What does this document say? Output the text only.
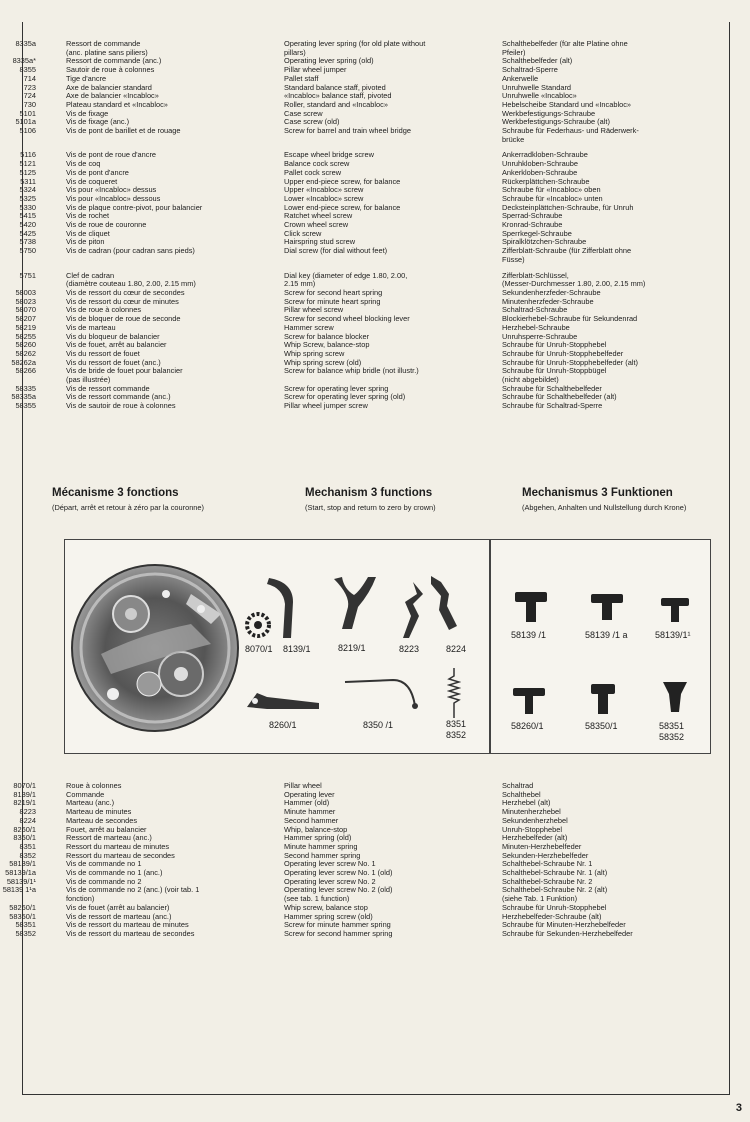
8335a	Ressort de commande	Operating lever spring (for old plate without	Schalthebelfeder (für alte Platine ohne
(anc. platine sans piliers)	pillars)	Pfeiler)
8335a*	Ressort de commande (anc.)	Operating lever spring (old)	Schalthebelfeder (alt)
8355	Sautoir de roue à colonnes	Pillar wheel jumper	Schaltrad-Sperre
714	Tige d'ancre	Pallet staff	Ankerwelle
723	Axe de balancier standard	Standard balance staff, pivoted	Unruhwelle Standard
724	Axe de balancier «Incabloc»	«Incabloc» balance staff, pivoted	Unruhwelle «Incabloc»
730	Plateau standard et «Incabloc»	Roller, standard and «Incabloc»	Hebelscheibe Standard und «Incabloc»
5101	Vis de fixage	Case screw	Werkbefestigungs-Schraube
5101a	Vis de fixage (anc.)	Case screw (old)	Werkbefestigungs-Schraube (alt)
5106	Vis de pont de barillet et de rouage	Screw for barrel and train wheel bridge	Schraube für Federhaus- und Räderwerk-
brücke
5116	Vis de pont de roue d'ancre	Escape wheel bridge screw	Ankerradkloben-Schraube
5121	Vis de coq	Balance cock screw	Unruhkloben-Schraube
5125	Vis de pont d'ancre	Pallet cock screw	Ankerkloben-Schraube
5311	Vis de coqueret	Upper end-piece screw, for balance	Rückerplättchen-Schraube
5324	Vis pour «Incabloc» dessus	Upper «Incabloc» screw	Schraube für «Incabloc» oben
5325	Vis pour «Incabloc» dessous	Lower «Incabloc» screw	Schraube für «Incabloc» unten
5330	Vis de plaque contre-pivot, pour balancier	Lower end-piece screw, for balance	Decksteinplättchen-Schraube, für Unruh
5415	Vis de rochet	Ratchet wheel screw	Sperrad-Schraube
5420	Vis de roue de couronne	Crown wheel screw	Kronrad-Schraube
5425	Vis de cliquet	Click screw	Sperrkegel-Schraube
5738	Vis de piton	Hairspring stud screw	Spiralklötzchen-Schraube
5750	Vis de cadran (pour cadran sans pieds)	Dial screw (for dial without feet)	Zifferblatt-Schraube (für Zifferblatt ohne
Füsse)
5751	Clef de cadran	Dial key (diameter of edge 1.80, 2.00,	Zifferblatt-Schlüssel,
(diamètre couteau 1.80, 2.00, 2.15 mm)	2.15 mm)	(Messer-Durchmesser 1.80, 2.00, 2.15 mm)
58003	Vis de ressort du cœur de secondes	Screw for second heart spring	Sekundenherzfeder-Schraube
58023	Vis de ressort du cœur de minutes	Screw for minute heart spring	Minutenherzfeder-Schraube
58070	Vis de roue à colonnes	Pillar wheel screw	Schaltrad-Schraube
58207	Vis de bloquer de roue de seconde	Screw for second wheel blocking lever	Blockierhebel-Schraube für Sekundenrad
58219	Vis de marteau	Hammer screw	Herzhebel-Schraube
58255	Vis du bloqueur de balancier	Screw for balance blocker	Unruhsperre-Schraube
58260	Vis de fouet, arrêt au balancier	Whip Screw, balance-stop	Schraube für Unruh-Stopphebel
58262	Vis du ressort de fouet	Whip spring screw	Schraube für Unruh-Stopphebelfeder
58262a	Vis du ressort de fouet (anc.)	Whip spring screw (old)	Schraube für Unruh-Stopphebelfeder (alt)
58266	Vis de bride de fouet pour balancier	Screw for balance whip bridle (not illustr.)	Schraube für Unruh-Stoppbügel
(pas illustrée)	(nicht abgebildet)
58335	Vis de ressort commande	Screw for operating lever spring	Schraube für Schalthebelfeder
58335a	Vis de ressort commande (anc.)	Screw for operating lever spring (old)	Schraube für Schalthebelfeder (alt)
58355	Vis de sautoir de roue à colonnes	Pillar wheel jumper screw	Schraube für Schaltrad-Sperre
Mécanisme 3 fonctions

(Départ, arrêt et retour à zéro par la couronne)

Mechanism 3 functions

(Start, stop and return to zero by crown)

Mechanismus 3 Funktionen

(Abgehen, Anhalten und Nullstellung durch Krone)

8070/1 8139/1	8219/1	8223	8224
8260/1	8350 /1	8351
8352
58139 /1	58139 /1 a	58139/1¹
58260/1	58350/1	58351
58352
8070/1	Roue à colonnes	Pillar wheel	Schaltrad
8139/1	Commande	Operating lever	Schalthebel
8219/1	Marteau (anc.)	Hammer (old)	Herzhebel (alt)
8223	Marteau de minutes	Minute hammer	Minutenherzhebel
8224	Marteau de secondes	Second hammer	Sekundenherzhebel
8260/1	Fouet, arrêt au balancier	Whip, balance-stop	Unruh-Stopphebel
8350/1	Ressort de marteau (anc.)	Hammer spring (old)	Herzhebelfeder (alt)
8351	Ressort du marteau de minutes	Minute hammer spring	Minuten-Herzhebelfeder
8352	Ressort du marteau de secondes	Second hammer spring	Sekunden-Herzhebelfeder
58139/1	Vis de commande no 1	Operating lever screw No. 1	Schalthebel-Schraube Nr. 1
58139/1a	Vis de commande no 1 (anc.)	Operating lever screw No. 1 (old)	Schalthebel-Schraube Nr. 1 (alt)
58139/1¹	Vis de commande no 2	Operating lever screw No. 2	Schalthebel-Schraube Nr. 2
58139 1¹a	Vis de commande no 2 (anc.) (voir tab. 1	Operating lever screw No. 2 (old)	Schalthebel-Schraube Nr. 2 (alt)
fonction)	(see tab. 1 function)	(siehe Tab. 1 Funktion)
58260/1	Vis de fouet (arrêt au balancier)	Whip screw, balance stop	Schraube für Unruh-Stopphebel
58350/1	Vis de ressort de marteau (anc.)	Hammer spring screw (old)	Herzhebelfeder-Schraube (alt)
58351	Vis de ressort du marteau de minutes	Screw for minute hammer spring	Schraube für Minuten-Herzhebelfeder
58352	Vis de ressort du marteau de secondes	Screw for second hammer spring	Schraube für Sekunden-Herzhebelfeder
3
